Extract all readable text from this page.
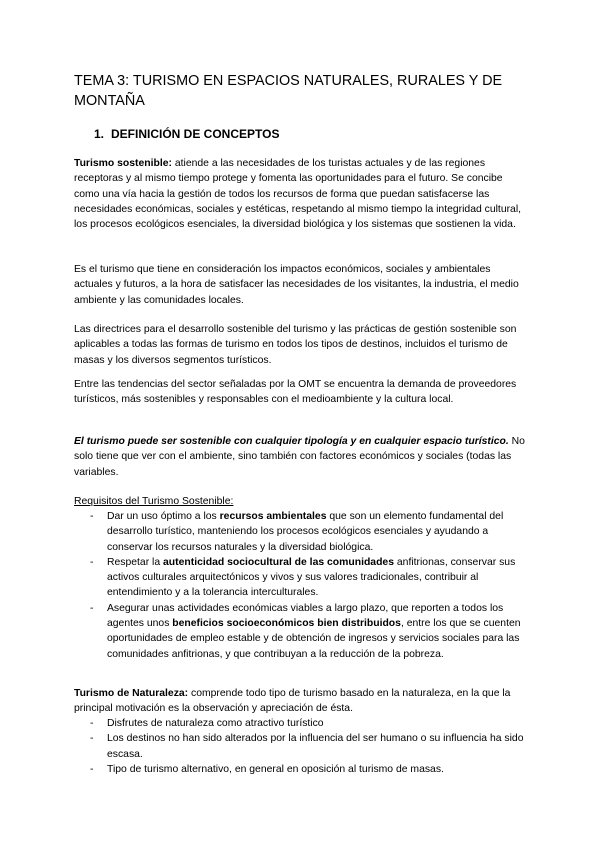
TEMA 3: TURISMO EN ESPACIOS NATURALES, RURALES Y DE MONTAÑA
1. DEFINICIÓN DE CONCEPTOS

Turismo sostenible: atiende a las necesidades de los turistas actuales y de las regiones receptoras y al mismo tiempo protege y fomenta las oportunidades para el futuro. Se concibe como una vía hacia la gestión de todos los recursos de forma que puedan satisfacerse las necesidades económicas, sociales y estéticas, respetando al mismo tiempo la integridad cultural, los procesos ecológicos esenciales, la diversidad biológica y los sistemas que sostienen la vida.

Es el turismo que tiene en consideración los impactos económicos, sociales y ambientales actuales y futuros, a la hora de satisfacer las necesidades de los visitantes, la industria, el medio ambiente y las comunidades locales.

Las directrices para el desarrollo sostenible del turismo y las prácticas de gestión sostenible son aplicables a todas las formas de turismo en todos los tipos de destinos, incluidos el turismo de masas y los diversos segmentos turísticos.

Entre las tendencias del sector señaladas por la OMT se encuentra la demanda de proveedores turísticos, más sostenibles y responsables con el medioambiente y la cultura local.

El turismo puede ser sostenible con cualquier tipología y en cualquier espacio turístico. No solo tiene que ver con el ambiente, sino también con factores económicos y sociales (todas las variables.

Requisitos del Turismo Sostenible:

- Dar un uso óptimo a los recursos ambientales que son un elemento fundamental del desarrollo turístico, manteniendo los procesos ecológicos esenciales y ayudando a conservar los recursos naturales y la diversidad biológica.
- Respetar la autenticidad sociocultural de las comunidades anfitrionas, conservar sus activos culturales arquitectónicos y vivos y sus valores tradicionales, contribuir al entendimiento y a la tolerancia interculturales.
- Asegurar unas actividades económicas viables a largo plazo, que reporten a todos los agentes unos beneficios socioeconómicos bien distribuidos, entre los que se cuenten oportunidades de empleo estable y de obtención de ingresos y servicios sociales para las comunidades anfitrionas, y que contribuyan a la reducción de la pobreza.

Turismo de Naturaleza: comprende todo tipo de turismo basado en la naturaleza, en la que la principal motivación es la observación y apreciación de ésta.

- Disfrutes de naturaleza como atractivo turístico
- Los destinos no han sido alterados por la influencia del ser humano o su influencia ha sido escasa.
- Tipo de turismo alternativo, en general en oposición al turismo de masas.
